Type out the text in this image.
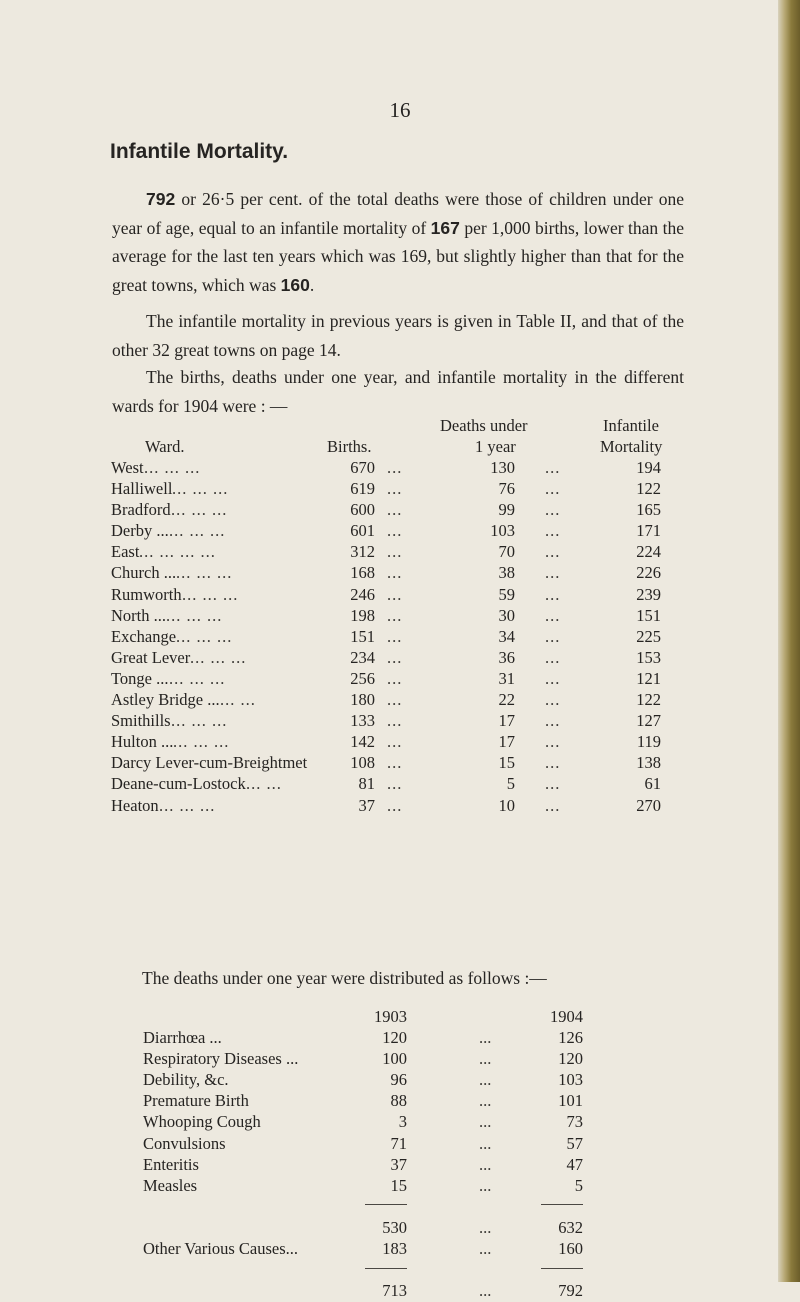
16
Infantile Mortality.
792 or 26·5 per cent. of the total deaths were those of children under one year of age, equal to an infantile mortality of 167 per 1,000 births, lower than the average for the last ten years which was 169, but slightly higher than that for the great towns, which was 160.
The infantile mortality in previous years is given in Table II, and that of the other 32 great towns on page 14.
The births, deaths under one year, and infantile mortality in the different wards for 1904 were : —
Ward.	Births.
Deaths under
1 year
Infantile
Mortality
West ... ... ...	670 ...	130 ...	194
Halliwell ... ... ...	619 ...	76 ...	122
Bradford ... ... ...	600 ...	99 ...	165
Derby ... ... ... ...	601 ...	103 ...	171
East ... ... ... ...	312 ...	70 ...	224
Church ... ... ... ...	168 ...	38 ...	226
Rumworth ... ... ...	246 ...	59 ...	239
North ... ... ... ...	198 ...	30 ...	151
Exchange ... ... ...	151 ...	34 ...	225
Great Lever ... ... ...	234 ...	36 ...	153
Tonge ... ... ... ...	256 ...	31 ...	121
Astley Bridge ... ... ...	180 ...	22 ...	122
Smithills ... ... ...	133 ...	17 ...	127
Hulton ... ... ... ...	142 ...	17 ...	119
Darcy Lever-cum-Breightmet	108 ...	15 ...	138
Deane-cum-Lostock ... ...	81 ...	5 ...	61
Heaton ... ... ...	37 ...	10 ...	270
The deaths under one year were distributed as follows :—
1903	1904
Diarrhœa ...	120	...	126
Respiratory Diseases ...	100	...	120
Debility, &c.	96	...	103
Premature Birth	88	...	101
Whooping Cough	3	...	73
Convulsions	71	...	57
Enteritis	37	...	47
Measles	15	...	5
530	...	632
Other Various Causes...	183	...	160
713	...	792
